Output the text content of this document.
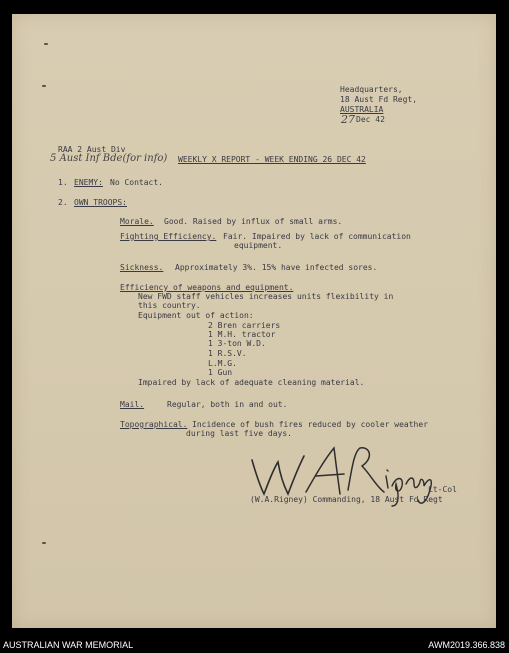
Headquarters,
18 Aust Fd Regt,
AUSTRALIA
27 Dec 42
RAA 2 Aust Div
5 Aust Inf Bde(for info) WEEKLY X REPORT - WEEK ENDING 26 DEC 42
1. ENEMY: No Contact.
2. OWN TROOPS:
Morale. Good. Raised by influx of small arms.
Fighting Efficiency. Fair. Impaired by lack of communication
equipment.
Sickness. Approximately 3%. 15% have infected sores.
Efficiency of weapons and equipment.
New FWD staff vehicles increases units flexibility in
this country.
Equipment out of action:
2 Bren carriers
1 M.H. tractor
1 3-ton W.D.
1 R.S.V.
L.M.G.
1 Gun
Impaired by lack of adequate cleaning material.
Mail.	Regular, both in and out.
Topographical. Incidence of bush fires reduced by cooler weather
during last five days.
Lt-Col
(W.A.Rigney) Commanding, 18 Aust Fd Regt
AUSTRALIAN WAR MEMORIAL	AWM2019.366.838
